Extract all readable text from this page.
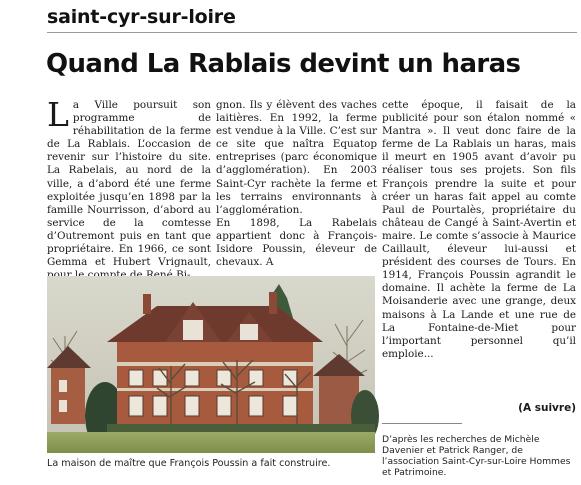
saint-cyr-sur-loire
Quand La Rablais devint un haras

La Ville poursuit son programme de réhabilitation de la ferme de La Rablais. L’occasion de revenir sur l’histoire du site. La Rabelais, au nord de la ville, a d’abord été une ferme exploitée jusqu’en 1898 par la famille Nourrisson, d’abord au service de la comtesse d’Outremont puis en tant que propriétaire. En 1966, ce sont Gemma et Hubert Vrignault,

gnon. Ils y élèvent des vaches laitières. En 1992, la ferme est vendue à la Ville. C’est sur ce site que naîtra Equatop entreprises (parc économique d’agglomération). En 2003 Saint-Cyr rachète la ferme et les terrains environnants à l’agglomération.

En 1898, La Rabelais appartient donc à François-Isidore Poussin, éleveur de chevaux. A

cette époque, il faisait de la publicité pour son étalon nommé « Mantra ». Il veut donc faire de la ferme de La Rablais un haras, mais il meurt en 1905 avant d’avoir pu réaliser tous ses projets. Son fils François prendre la suite et pour créer un haras fait appel au comte Paul de Pourtalès, propriétaire du château de Cangé à Saint-Avertin et maire. Le comte s’associe à Maurice Caillault, éleveur lui-aussi et président des courses de Tours. En 1914, François Poussin agrandit le domaine. Il achète la ferme de La Moisanderie avec une grange, deux maisons à La Lande et une rue de La Fontaine-de-Miet pour l’important personnel qu’il emploie...

(A suivre)
D’après les recherches de Michèle Davenier et Patrick Ranger, de l’association Saint-Cyr-sur-Loire Hommes et Patrimoine.
La maison de maître que François Poussin a fait construire.
